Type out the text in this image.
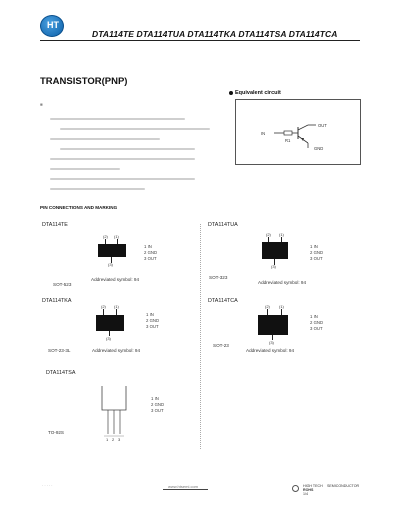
HT
DTA114TE DTA114TUA DTA114TKA DTA114TSA DTA114TCA
TRANSISTOR(PNP)
■
Equivalent circuit
IN
R1
OUT
GND
PIN CONNECTIONS AND MARKING
DTA114TE
(2) (1)
(3)
1 IN
2 GND
3 OUT
Addreviated symbol: 94
SOT-523
DTA114TUA
(2) (1)
(3)
1 IN
2 GND
3 OUT
SOT-323
Addreviated symbol: 94
DTA114TKA
(2) (1)
(3)
1 IN
2 GND
3 OUT
SOT-23-3L	Addreviated symbol: 94
DTA114TCA
(2) (1)
(3)
1 IN
2 GND
3 OUT
SOT-23
Addreviated symbol: 94
DTA114TSA
1 IN
2 GND
3 OUT
1 2 3
TO-92S
· · · · ·	www.htsemi.com	HIGH TECH
ROHS
1/4
SEMICONDUCTOR
